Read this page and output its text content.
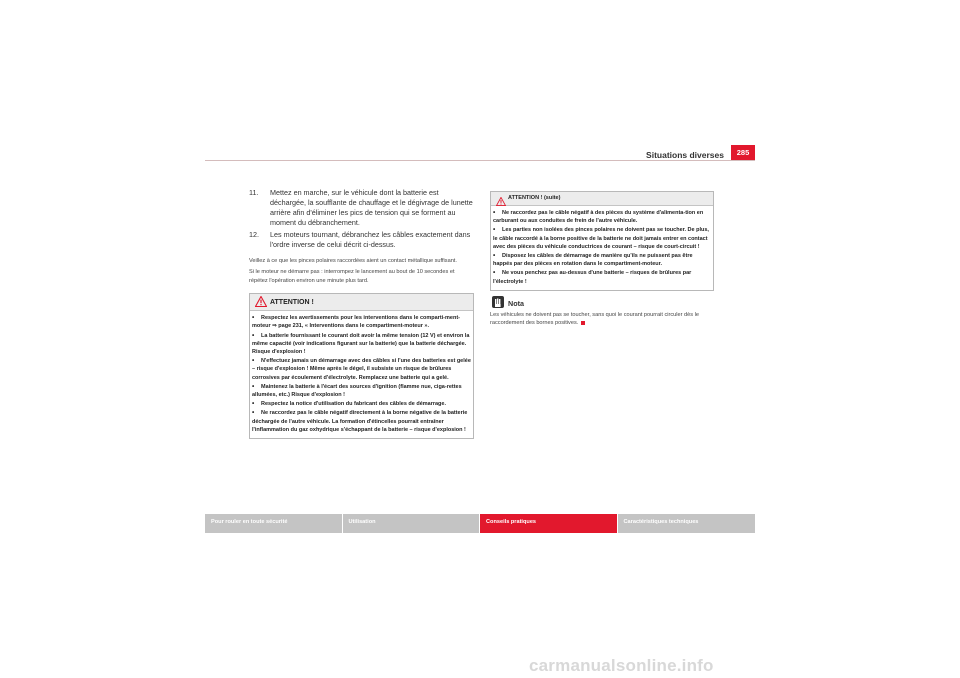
Situations diverses	285
11. Mettez en marche, sur le véhicule dont la batterie est déchargée, la soufflante de chauffage et le dégivrage de lunette arrière afin d'éliminer les pics de tension qui se forment au moment du débranchement.
12. Les moteurs tournant, débranchez les câbles exactement dans l'ordre inverse de celui décrit ci-dessus.
Veillez à ce que les pinces polaires raccordées aient un contact métallique suffisant.
Si le moteur ne démarre pas : interrompez le lancement au bout de 10 secondes et répétez l'opération environ une minute plus tard.
ATTENTION !
• Respectez les avertissements pour les interventions dans le comparti-ment-moteur ⇒ page 231, « Interventions dans le compartiment-moteur ».
• La batterie fournissant le courant doit avoir la même tension (12 V) et environ la même capacité (voir indications figurant sur la batterie) que la batterie déchargée. Risque d'explosion !
• N'effectuez jamais un démarrage avec des câbles si l'une des batteries est gelée – risque d'explosion ! Même après le dégel, il subsiste un risque de brûlures corrosives par écoulement d'électrolyte. Remplacez une batterie qui a gelé.
• Maintenez la batterie à l'écart des sources d'ignition (flamme nue, ciga-rettes allumées, etc.) Risque d'explosion !
• Respectez la notice d'utilisation du fabricant des câbles de démarrage.
• Ne raccordez pas le câble négatif directement à la borne négative de la batterie déchargée de l'autre véhicule. La formation d'étincelles pourrait entraîner l'inflammation du gaz oxhydrique s'échappant de la batterie – risque d'explosion !
ATTENTION ! (suite)
• Ne raccordez pas le câble négatif à des pièces du système d'alimenta-tion en carburant ou aux conduites de frein de l'autre véhicule.
• Les parties non isolées des pinces polaires ne doivent pas se toucher. De plus, le câble raccordé à la borne positive de la batterie ne doit jamais entrer en contact avec des pièces du véhicule conductrices de courant – risque de court-circuit !
• Disposez les câbles de démarrage de manière qu'ils ne puissent pas être happés par des pièces en rotation dans le compartiment-moteur.
• Ne vous penchez pas au-dessus d'une batterie – risques de brûlures par l'électrolyte !
Nota
Les véhicules ne doivent pas se toucher, sans quoi le courant pourrait circuler dès le raccordement des bornes positives.
Pour rouler en toute sécurité	Utilisation	Conseils pratiques	Caractéristiques techniques
carmanualsonline.info
